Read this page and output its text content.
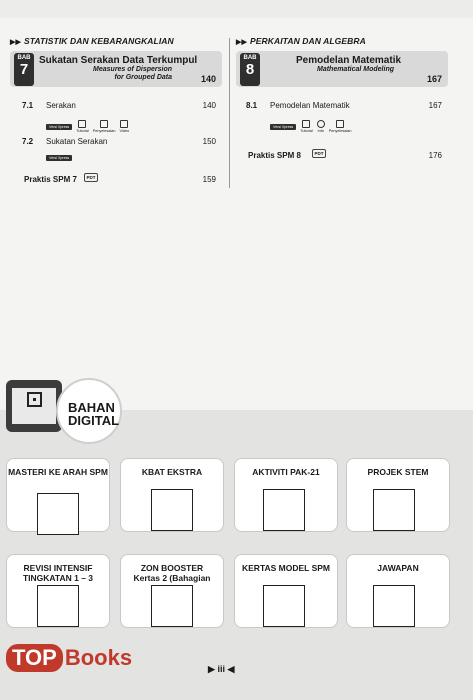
▶▶ STATISTIK DAN KEBARANGKALIAN
BAB
7
Sukatan Serakan Data Terkumpul
Measures of Dispersion for Grouped Data	140
7.1 Serakan	140
Versi Xpress
Tutorial Penyelesaian Video
7.2 Sukatan Serakan	150
Versi Xpress
Praktis SPM 7	PDT	159
▶▶ PERKAITAN DAN ALGEBRA
BAB
8
Pemodelan Matematik
Mathematical Modeling
167
8.1 Pemodelan Matematik	167
Versi Xpress
Tutorial Info Penyelesaian
Praktis SPM 8	PDT	176
BAHAN
DIGITAL
MASTERI KE ARAH SPM	KBAT EKSTRA	AKTIVITI PAK-21	PROJEK STEM
REVISI INTENSIF TINGKATAN 1 – 3
ZON BOOSTER Kertas 2 (Bahagian
KERTAS MODEL SPM	JAWAPAN
TOP Books	▶ iii ◀
